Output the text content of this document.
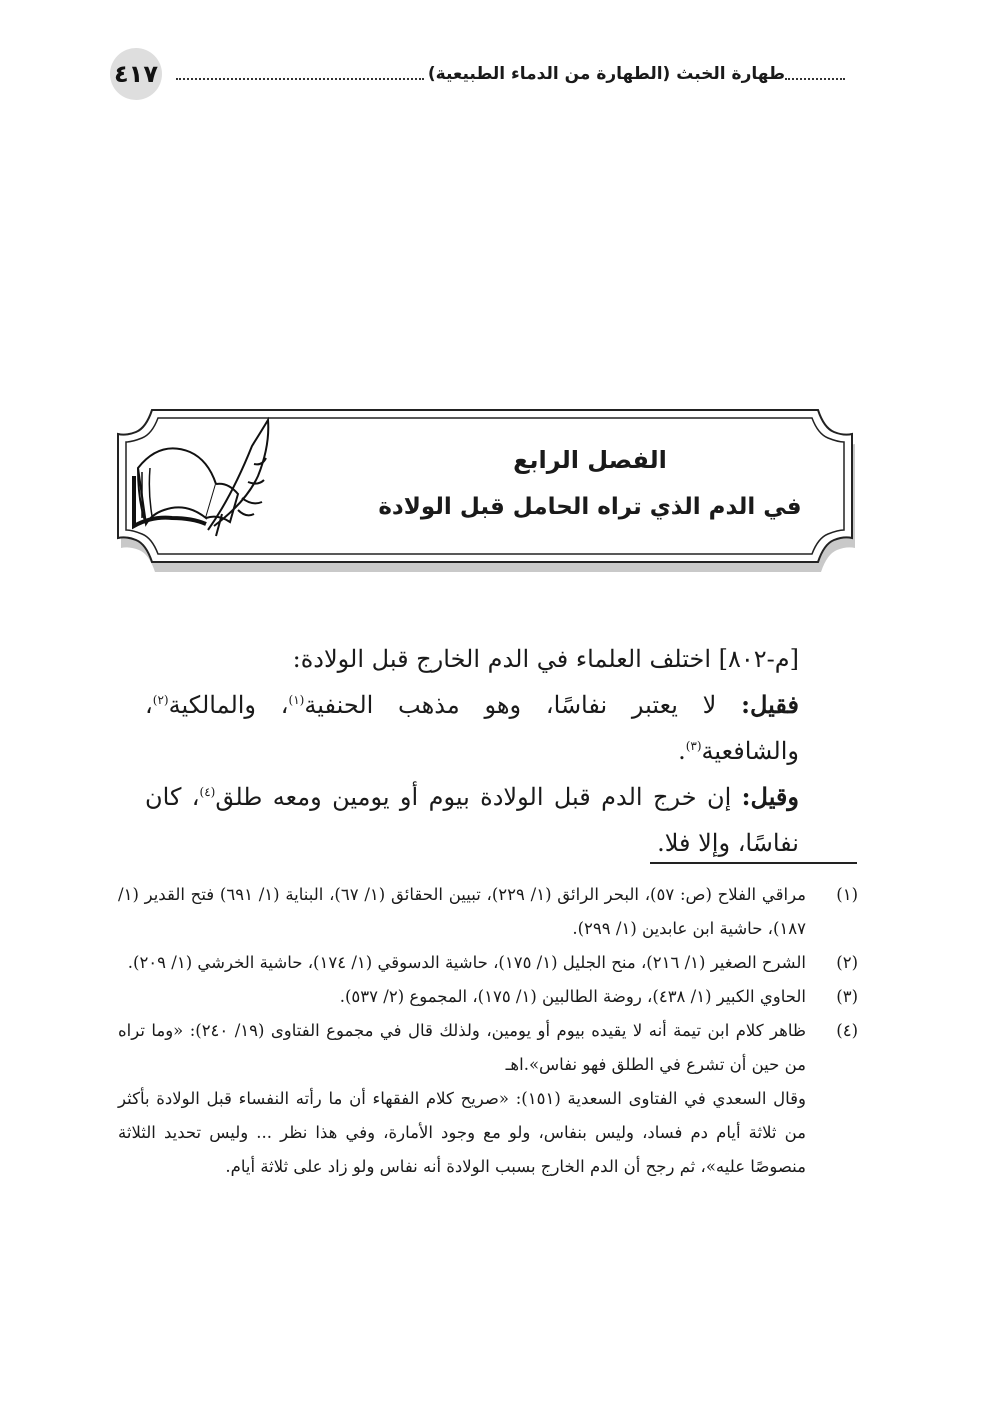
٤١٧	طهارة الخبث (الطهارة من الدماء الطبيعية)
الفصل الرابع
في الدم الذي تراه الحامل قبل الولادة

[م-٨٠٢] اختلف العلماء في الدم الخارج قبل الولادة:

فقيل: لا يعتبر نفاسًا، وهو مذهب الحنفية$^{(١)}$، والمالكية$^{(٢)}$، والشافعية$^{(٣)}$.

وقيل: إن خرج الدم قبل الولادة بيوم أو يومين ومعه طلق$^{(٤)}$، كان نفاسًا، وإلا فلا.

(١)
مراقي الفلاح (ص: ٥٧)، البحر الرائق (١/ ٢٢٩)، تبيين الحقائق (١/ ٦٧)، البناية (١/ ٦٩١) فتح القدير (١/ ١٨٧)، حاشية ابن عابدين (١/ ٢٩٩).
(٢)
الشرح الصغير (١/ ٢١٦)، منح الجليل (١/ ١٧٥)، حاشية الدسوقي (١/ ١٧٤)، حاشية الخرشي (١/ ٢٠٩).
(٣)
الحاوي الكبير (١/ ٤٣٨)، روضة الطالبين (١/ ١٧٥)، المجموع (٢/ ٥٣٧).
(٤)
ظاهر كلام ابن تيمة أنه لا يقيده بيوم أو يومين، ولذلك قال في مجموع الفتاوى (١٩/ ٢٤٠): «وما تراه من حين أن تشرع في الطلق فهو نفاس».اهـ

وقال السعدي في الفتاوى السعدية (١٥١): «صريح كلام الفقهاء أن ما رأته النفساء قبل الولادة بأكثر من ثلاثة أيام دم فساد، وليس بنفاس، ولو مع وجود الأمارة، وفي هذا نظر ... وليس تحديد الثلاثة منصوصًا عليه»، ثم رجح أن الدم الخارج بسبب الولادة أنه نفاس ولو زاد على ثلاثة أيام.
